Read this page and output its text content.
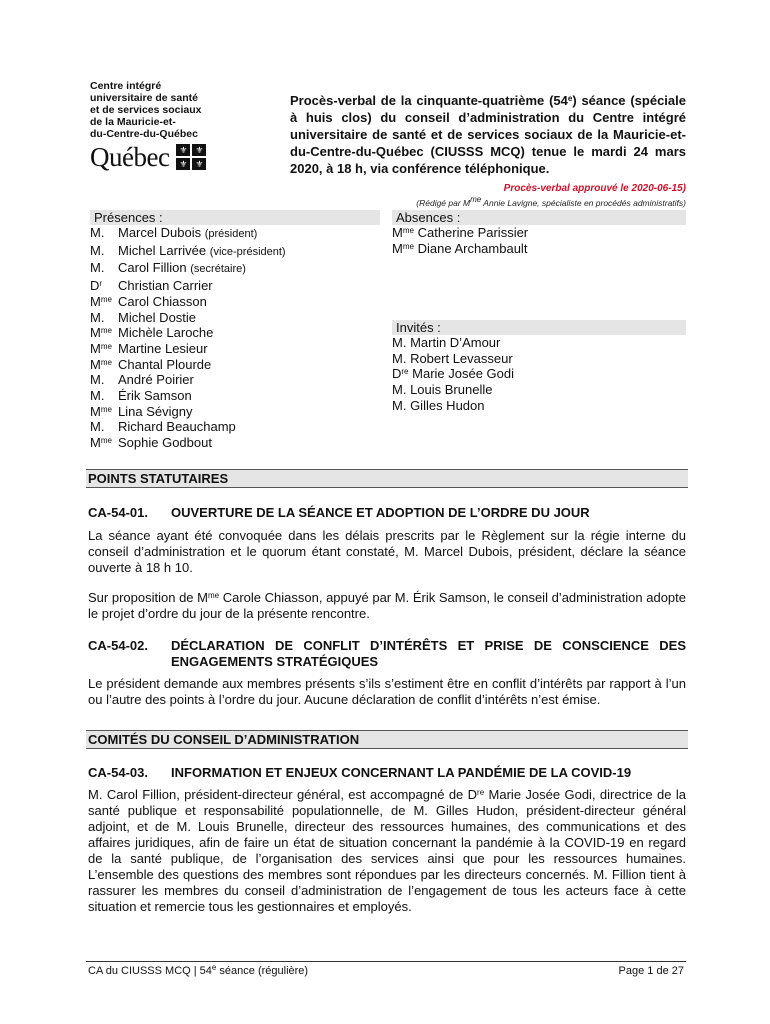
Centre intégré
universitaire de santé
et de services sociaux
de la Mauricie-et-
du-Centre-du-Québec
Québec	⚜ ⚜
⚜ ⚜
Procès-verbal de la cinquante-quatrième (54e) séance (spéciale à huis clos) du conseil d’administration du Centre intégré universitaire de santé et de services sociaux de la Mauricie-et-du-Centre-du-Québec (CIUSSS MCQ) tenue le mardi 24 mars 2020, à 18 h, via conférence téléphonique.
Procès-verbal approuvé le 2020-06-15)
(Rédigé par $M^{me}$ Annie Lavigne, spécialiste en procédés administratifs)
Présences :
M. Marcel Dubois (président)
M. Michel Larrivée (vice-président)
M. Carol Fillion (secrétaire)
$D^r$ Christian Carrier
$M^{me}$ Carol Chiasson
M. Michel Dostie
$M^{me}$ Michèle Laroche
$M^{me}$ Martine Lesieur
$M^{me}$ Chantal Plourde
M. André Poirier
M. Érik Samson
$M^{me}$ Lina Sévigny
M. Richard Beauchamp
$M^{me}$ Sophie Godbout
Absences :
$M^{me}$ Catherine Parissier
$M^{me}$ Diane Archambault
Invités :
M. Martin D’Amour
M. Robert Levasseur
Dre Marie Josée Godi
M. Louis Brunelle
M. Gilles Hudon
POINTS STATUTAIRES
CA-54-01. OUVERTURE DE LA SÉANCE ET ADOPTION DE L’ORDRE DU JOUR
La séance ayant été convoquée dans les délais prescrits par le Règlement sur la régie interne du conseil d’administration et le quorum étant constaté, M. Marcel Dubois, président, déclare la séance ouverte à 18 h 10.
Sur proposition de $M^{me}$ Carole Chiasson, appuyé par M. Érik Samson, le conseil d’administration adopte le projet d’ordre du jour de la présente rencontre.
CA-54-02. DÉCLARATION DE CONFLIT D’INTÉRÊTS ET PRISE DE CONSCIENCE DES ENGAGEMENTS STRATÉGIQUES
Le président demande aux membres présents s’ils s’estiment être en conflit d’intérêts par rapport à l’un ou l’autre des points à l’ordre du jour. Aucune déclaration de conflit d’intérêts n’est émise.
COMITÉS DU CONSEIL D’ADMINISTRATION
CA-54-03. INFORMATION ET ENJEUX CONCERNANT LA PANDÉMIE DE LA COVID-19
M. Carol Fillion, président-directeur général, est accompagné de Dre Marie Josée Godi, directrice de la santé publique et responsabilité populationnelle, de M. Gilles Hudon, président-directeur général adjoint, et de M. Louis Brunelle, directeur des ressources humaines, des communications et des affaires juridiques, afin de faire un état de situation concernant la pandémie à la COVID-19 en regard de la santé publique, de l’organisation des services ainsi que pour les ressources humaines. L’ensemble des questions des membres sont répondues par les directeurs concernés. M. Fillion tient à rassurer les membres du conseil d’administration de l’engagement de tous les acteurs face à cette situation et remercie tous les gestionnaires et employés.
CA du CIUSSS MCQ | 54e séance (régulière)	Page 1 de 27
